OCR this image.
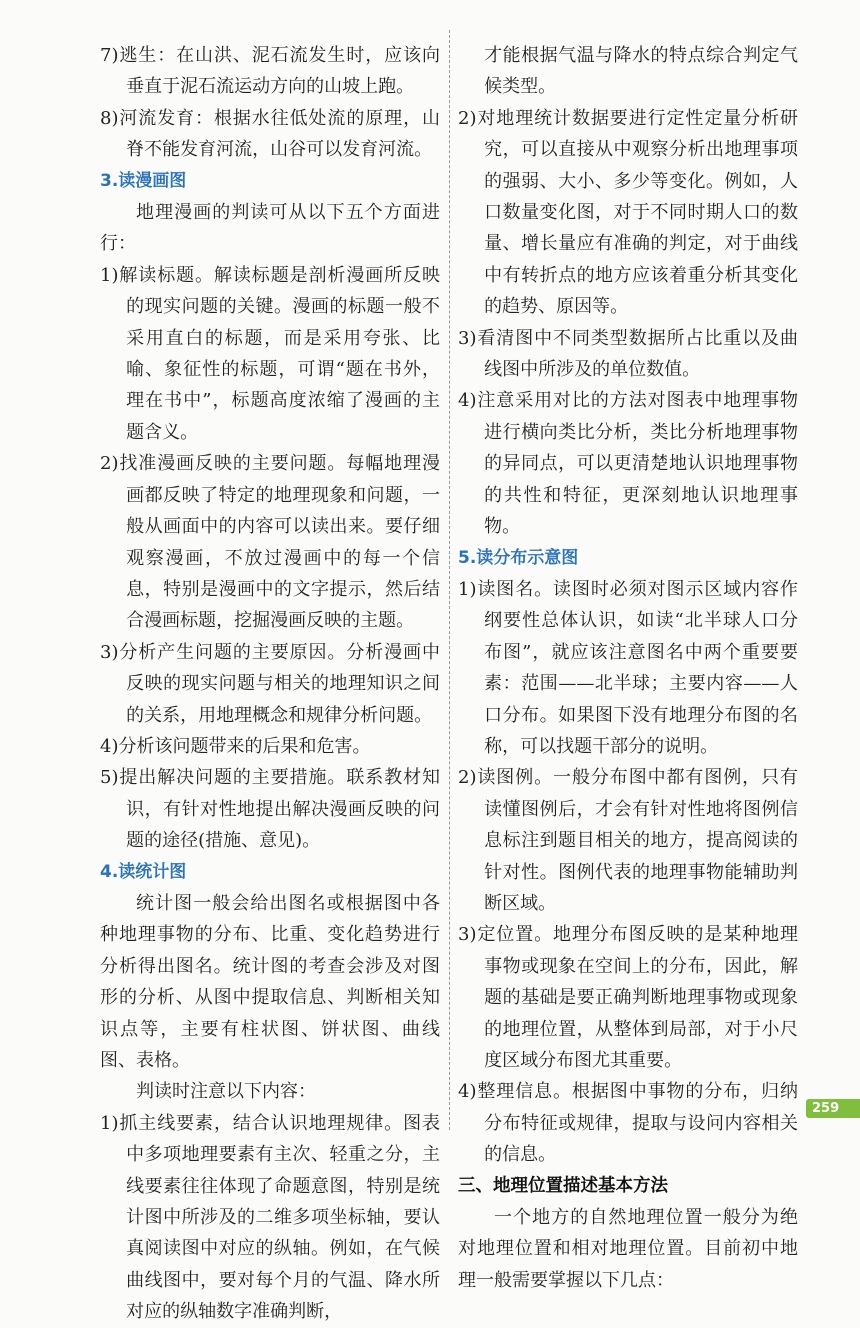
7)逃生：在山洪、泥石流发生时，应该向垂直于泥石流运动方向的山坡上跑。

8)河流发育：根据水往低处流的原理，山脊不能发育河流，山谷可以发育河流。

3.读漫画图

地理漫画的判读可从以下五个方面进行：

1)解读标题。解读标题是剖析漫画所反映的现实问题的关键。漫画的标题一般不采用直白的标题，而是采用夸张、比喻、象征性的标题，可谓“题在书外，理在书中”，标题高度浓缩了漫画的主题含义。

2)找准漫画反映的主要问题。每幅地理漫画都反映了特定的地理现象和问题，一般从画面中的内容可以读出来。要仔细观察漫画，不放过漫画中的每一个信息，特别是漫画中的文字提示，然后结合漫画标题，挖掘漫画反映的主题。

3)分析产生问题的主要原因。分析漫画中反映的现实问题与相关的地理知识之间的关系，用地理概念和规律分析问题。

4)分析该问题带来的后果和危害。

5)提出解决问题的主要措施。联系教材知识，有针对性地提出解决漫画反映的问题的途径(措施、意见)。

4.读统计图

统计图一般会给出图名或根据图中各种地理事物的分布、比重、变化趋势进行分析得出图名。统计图的考查会涉及对图形的分析、从图中提取信息、判断相关知识点等，主要有柱状图、饼状图、曲线图、表格。

判读时注意以下内容：

1)抓主线要素，结合认识地理规律。图表中多项地理要素有主次、轻重之分，主线要素往往体现了命题意图，特别是统计图中所涉及的二维多项坐标轴，要认真阅读图中对应的纵轴。例如，在气候曲线图中，要对每个月的气温、降水所对应的纵轴数字准确判断，

才能根据气温与降水的特点综合判定气候类型。

2)对地理统计数据要进行定性定量分析研究，可以直接从中观察分析出地理事项的强弱、大小、多少等变化。例如，人口数量变化图，对于不同时期人口的数量、增长量应有准确的判定，对于曲线中有转折点的地方应该着重分析其变化的趋势、原因等。

3)看清图中不同类型数据所占比重以及曲线图中所涉及的单位数值。

4)注意采用对比的方法对图表中地理事物进行横向类比分析，类比分析地理事物的异同点，可以更清楚地认识地理事物的共性和特征，更深刻地认识地理事物。

5.读分布示意图

1)读图名。读图时必须对图示区域内容作纲要性总体认识，如读“北半球人口分布图”，就应该注意图名中两个重要要素：范围——北半球；主要内容——人口分布。如果图下没有地理分布图的名称，可以找题干部分的说明。

2)读图例。一般分布图中都有图例，只有读懂图例后，才会有针对性地将图例信息标注到题目相关的地方，提高阅读的针对性。图例代表的地理事物能辅助判断区域。

3)定位置。地理分布图反映的是某种地理事物或现象在空间上的分布，因此，解题的基础是要正确判断地理事物或现象的地理位置，从整体到局部，对于小尺度区域分布图尤其重要。

4)整理信息。根据图中事物的分布，归纳分布特征或规律，提取与设问内容相关的信息。

三、地理位置描述基本方法

一个地方的自然地理位置一般分为绝对地理位置和相对地理位置。目前初中地理一般需要掌握以下几点：

259
